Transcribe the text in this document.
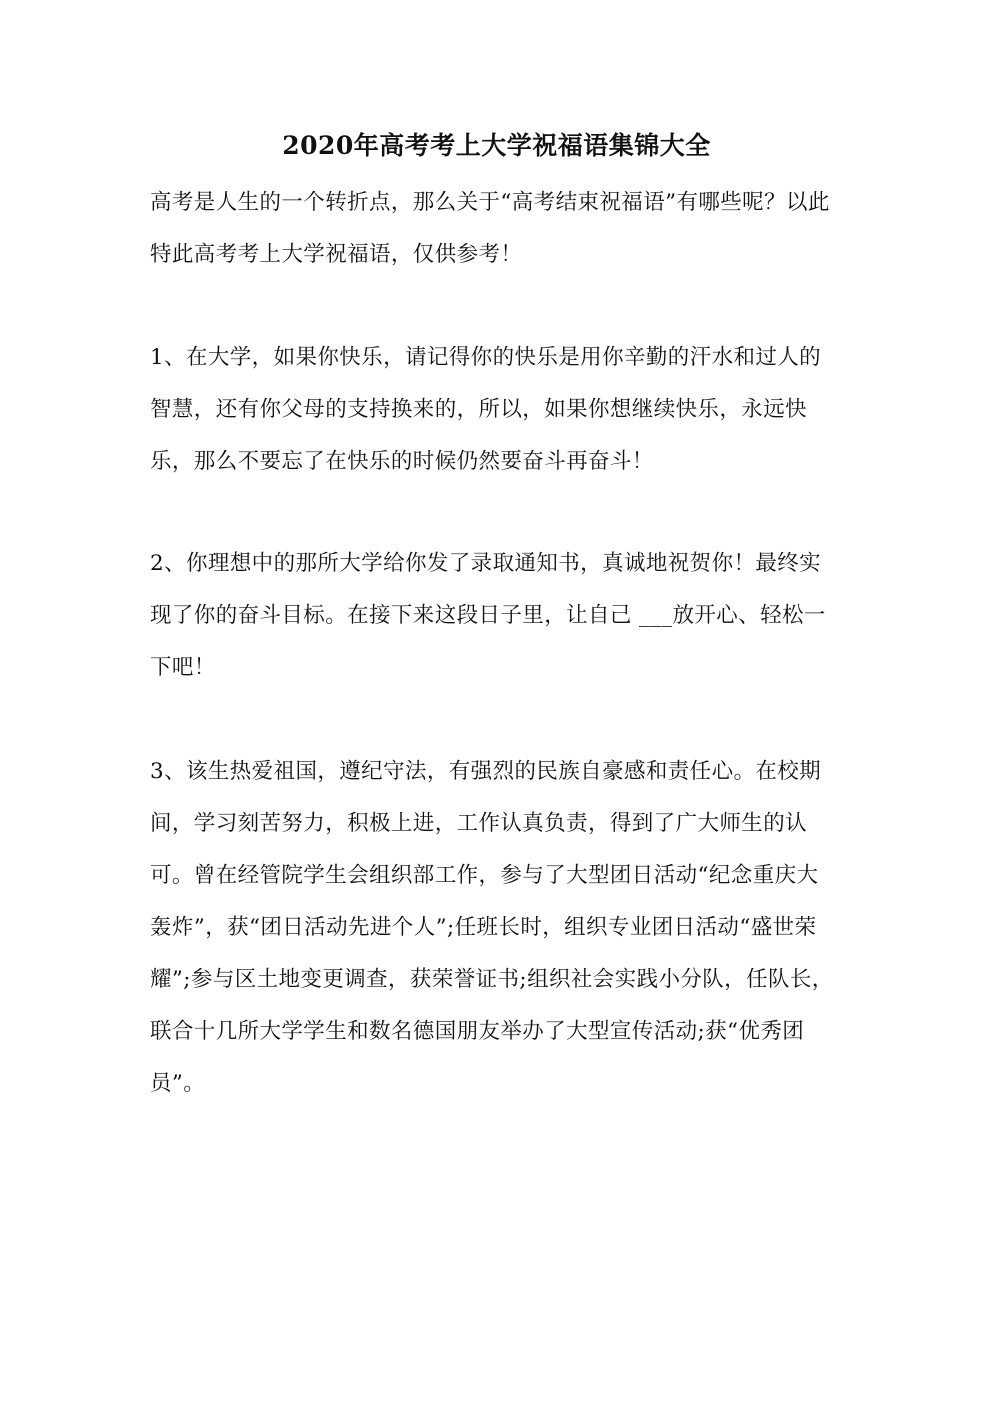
2020年高考考上大学祝福语集锦大全

高考是人生的一个转折点，那么关于“高考结束祝福语”有哪些呢？以此特此高考考上大学祝福语，仅供参考！

1、在大学，如果你快乐，请记得你的快乐是用你辛勤的汗水和过人的智慧，还有你父母的支持换来的，所以，如果你想继续快乐，永远快乐，那么不要忘了在快乐的时候仍然要奋斗再奋斗！

2、你理想中的那所大学给你发了录取通知书，真诚地祝贺你！最终实现了你的奋斗目标。在接下来这段日子里，让自己 ___放开心、轻松一下吧！

3、该生热爱祖国，遵纪守法，有强烈的民族自豪感和责任心。在校期间，学习刻苦努力，积极上进，工作认真负责，得到了广大师生的认可。曾在经管院学生会组织部工作，参与了大型团日活动“纪念重庆大轰炸”，获“团日活动先进个人”;任班长时，组织专业团日活动“盛世荣耀”;参与区土地变更调查，获荣誉证书;组织社会实践小分队，任队长，联合十几所大学学生和数名德国朋友举办了大型宣传活动;获“优秀团员”。
